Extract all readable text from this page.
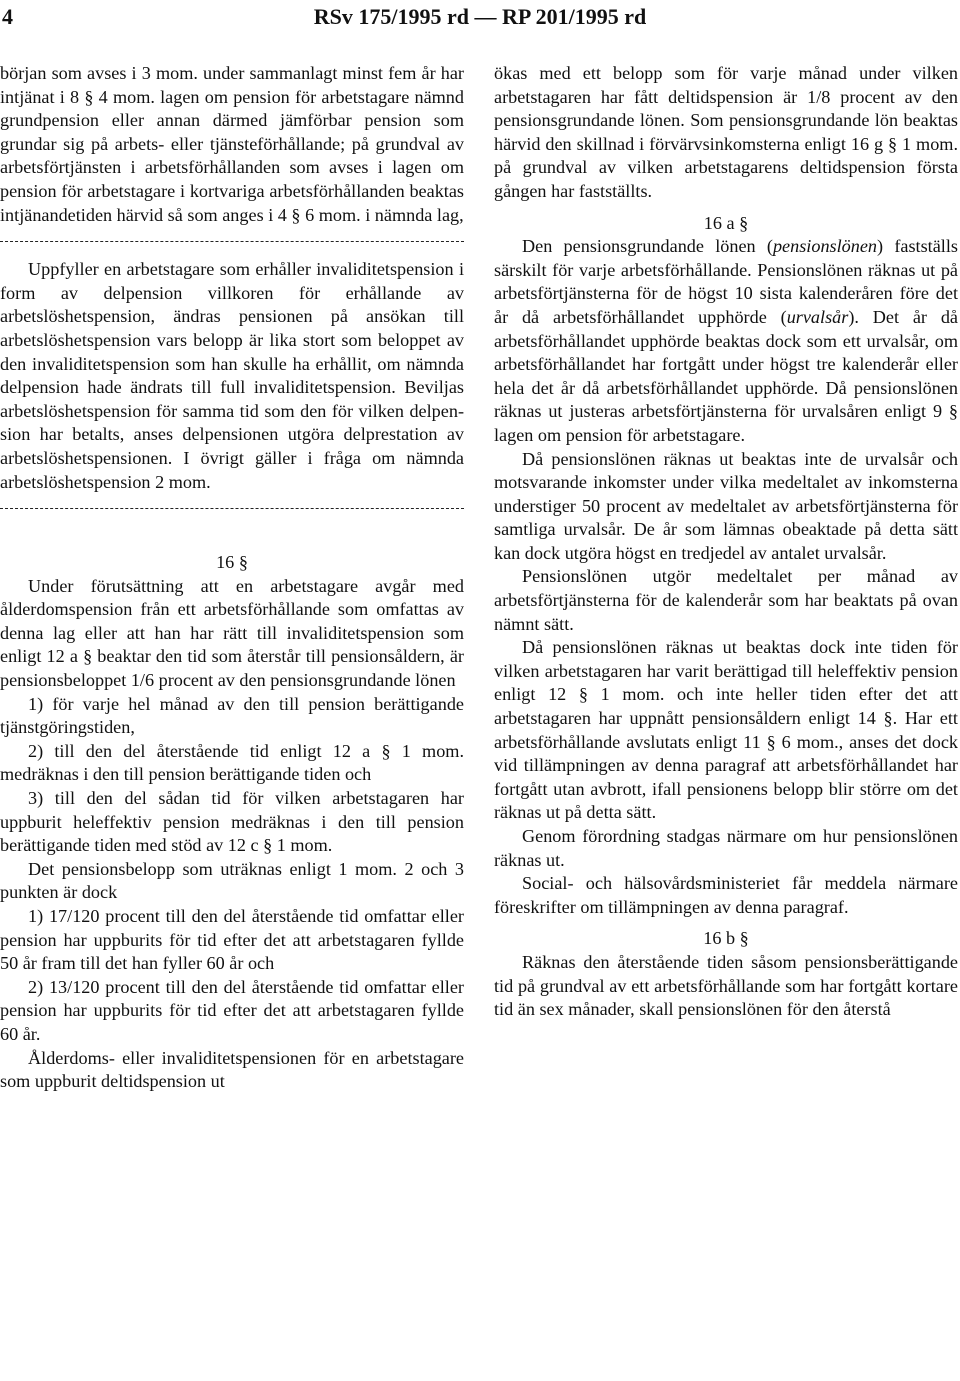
4	RSv 175/1995 rd — RP 201/1995 rd

början som avses i 3 mom. under sammanlagt minst fem år har intjänat i 8 § 4 mom. lagen om pension för arbetstagare nämnd grundpension eller annan därmed jämförbar pension som grundar sig på arbets- eller tjänsteförhållande; på grundval av arbetsförtjänsten i arbetsförhållanden som avses i lagen om pension för arbetstagare i kortvariga arbetsförhållanden beaktas intjänandetiden härvid så som anges i 4 § 6 mom. i nämnda lag,

Uppfyller en arbetstagare som erhåller invaliditetspension i form av delpension villkoren för erhållande av arbetslöshetspension, ändras pensionen på ansökan till arbetslöshetspension vars belopp är lika stort som beloppet av den invaliditetspension som han skulle ha erhållit, om nämnda delpension hade ändrats till full invaliditetspension. Beviljas arbetslöshetspension för samma tid som den för vilken delpension har betalts, anses delpensionen utgöra delprestation av arbetslöshetspensionen. I övrigt gäller i fråga om nämnda arbetslöshetspension 2 mom.

16 §

Under förutsättning att en arbetstagare avgår med ålderdomspension från ett arbetsförhållande som omfattas av denna lag eller att han har rätt till invaliditetspension som enligt 12 a § beaktar den tid som återstår till pensionsåldern, är pensionsbeloppet 1/6 procent av den pensionsgrundande lönen

1) för varje hel månad av den till pension berättigande tjänstgöringstiden,

2) till den del återstående tid enligt 12 a § 1 mom. medräknas i den till pension berättigande tiden och

3) till den del sådan tid för vilken arbetstagaren har uppburit heleffektiv pension medräknas i den till pension berättigande tiden med stöd av 12 c § 1 mom.

Det pensionsbelopp som uträknas enligt 1 mom. 2 och 3 punkten är dock

1) 17/120 procent till den del återstående tid omfattar eller pension har uppburits för tid efter det att arbetstagaren fyllde 50 år fram till det han fyller 60 år och

2) 13/120 procent till den del återstående tid omfattar eller pension har uppburits för tid efter det att arbetstagaren fyllde 60 år.

Ålderdoms- eller invaliditetspensionen för en arbetstagare som uppburit deltidspension ut

ökas med ett belopp som för varje månad under vilken arbetstagaren har fått deltidspension är 1/8 procent av den pensionsgrundande lönen. Som pensionsgrundande lön beaktas härvid den skillnad i förvärvsinkomsterna enligt 16 g § 1 mom. på grundval av vilken arbetstagarens deltidspension första gången har fastställts.

16 a §

Den pensionsgrundande lönen (pensionslönen) fastställs särskilt för varje arbetsförhållande. Pensionslönen räknas ut på arbetsförtjänsterna för de högst 10 sista kalenderåren före det år då arbetsförhållandet upphörde (urvalsår). Det år då arbetsförhållandet upphörde beaktas dock som ett urvalsår, om arbetsförhållandet har fortgått under högst tre kalenderår eller hela det år då arbetsförhållandet upphörde. Då pensionslönen räknas ut justeras arbetsförtjänsterna för urvalsåren enligt 9 § lagen om pension för arbetstagare.

Då pensionslönen räknas ut beaktas inte de urvalsår och motsvarande inkomster under vilka medeltalet av inkomsterna understiger 50 procent av medeltalet av arbetsförtjänsterna för samtliga urvalsår. De år som lämnas obeaktade på detta sätt kan dock utgöra högst en tredjedel av antalet urvalsår.

Pensionslönen utgör medeltalet per månad av arbetsförtjänsterna för de kalenderår som har beaktats på ovan nämnt sätt.

Då pensionslönen räknas ut beaktas dock inte tiden för vilken arbetstagaren har varit berättigad till heleffektiv pension enligt 12 § 1 mom. och inte heller tiden efter det att arbetstagaren har uppnått pensionsåldern enligt 14 §. Har ett arbetsförhållande avslutats enligt 11 § 6 mom., anses det dock vid tillämpningen av denna paragraf att arbetsförhållandet har fortgått utan avbrott, ifall pensionens belopp blir större om det räknas ut på detta sätt.

Genom förordning stadgas närmare om hur pensionslönen räknas ut.

Social- och hälsovårdsministeriet får meddela närmare föreskrifter om tillämpningen av denna paragraf.

16 b §

Räknas den återstående tiden såsom pensionsberättigande tid på grundval av ett arbetsförhållande som har fortgått kortare tid än sex månader, skall pensionslönen för den återstå
